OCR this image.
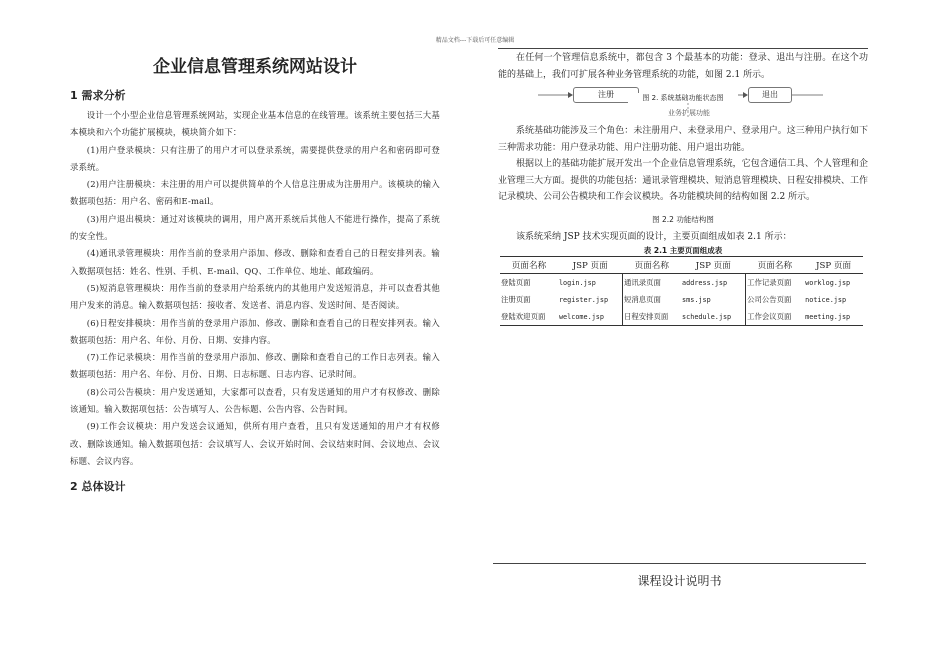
精品文档---下载后可任意编辑
企业信息管理系统网站设计
1 需求分析

设计一个小型企业信息管理系统网站，实现企业基本信息的在线管理。该系统主要包括三大基本模块和六个功能扩展模块，模块简介如下：

(1)用户登录模块：只有注册了的用户才可以登录系统，需要提供登录的用户名和密码即可登录系统。

(2)用户注册模块：未注册的用户可以提供简单的个人信息注册成为注册用户。该模块的输入数据项包括：用户名、密码和E-mail。

(3)用户退出模块：通过对该模块的调用，用户离开系统后其他人不能进行操作，提高了系统的安全性。

(4)通讯录管理模块：用作当前的登录用户添加、修改、删除和查看自己的日程安排列表。输入数据项包括：姓名、性别、手机、E-mail、QQ、工作单位、地址、邮政编码。

(5)短消息管理模块：用作当前的登录用户给系统内的其他用户发送短消息，并可以查看其他用户发来的消息。输入数据项包括：接收者、发送者、消息内容、发送时间、是否阅读。

(6)日程安排模块：用作当前的登录用户添加、修改、删除和查看自己的日程安排列表。输入数据项包括：用户名、年份、月份、日期、安排内容。

(7)工作记录模块：用作当前的登录用户添加、修改、删除和查看自己的工作日志列表。输入数据项包括：用户名、年份、月份、日期、日志标题、日志内容、记录时间。

(8)公司公告模块：用户发送通知，大家都可以查看，只有发送通知的用户才有权修改、删除该通知。输入数据项包括：公告填写人、公告标题、公告内容、公告时间。

(9)工作会议模块：用户发送会议通知，供所有用户查看，且只有发送通知的用户才有权修改、删除该通知。输入数据项包括：会议填写人、会议开始时间、会议结束时间、会议地点、会议标题、会议内容。

2 总体设计

在任何一个管理信息系统中，都包含 3 个最基本的功能：登录、退出与注册。在这个功能的基础上，我们可扩展各种业务管理系统的功能，如图 2.1 所示。

注册	退出
图 2. 系统基础功能状态图
业务扩展功能

系统基础功能涉及三个角色：未注册用户、未登录用户、登录用户。这三种用户执行如下三种需求功能：用户登录功能、用户注册功能、用户退出功能。

根据以上的基础功能扩展开发出一个企业信息管理系统，它包含通信工具、个人管理和企业管理三大方面。提供的功能包括：通讯录管理模块、短消息管理模块、日程安排模块、工作记录模块、公司公告模块和工作会议模块。各功能模块间的结构如图 2.2 所示。

图 2.2 功能结构图

该系统采纳 JSP 技术实现页面的设计，主要页面组成如表 2.1 所示：

表 2.1 主要页面组成表
页面名称	JSP 页面	页面名称	JSP 页面	页面名称	JSP 页面
登陆页面	login.jsp	通讯录页面	address.jsp	工作记录页面	worklog.jsp
注册页面	register.jsp	短消息页面	sms.jsp	公司公告页面	notice.jsp
登陆欢迎页面	welcome.jsp	日程安排页面	schedule.jsp	工作会议页面	meeting.jsp
课程设计说明书
